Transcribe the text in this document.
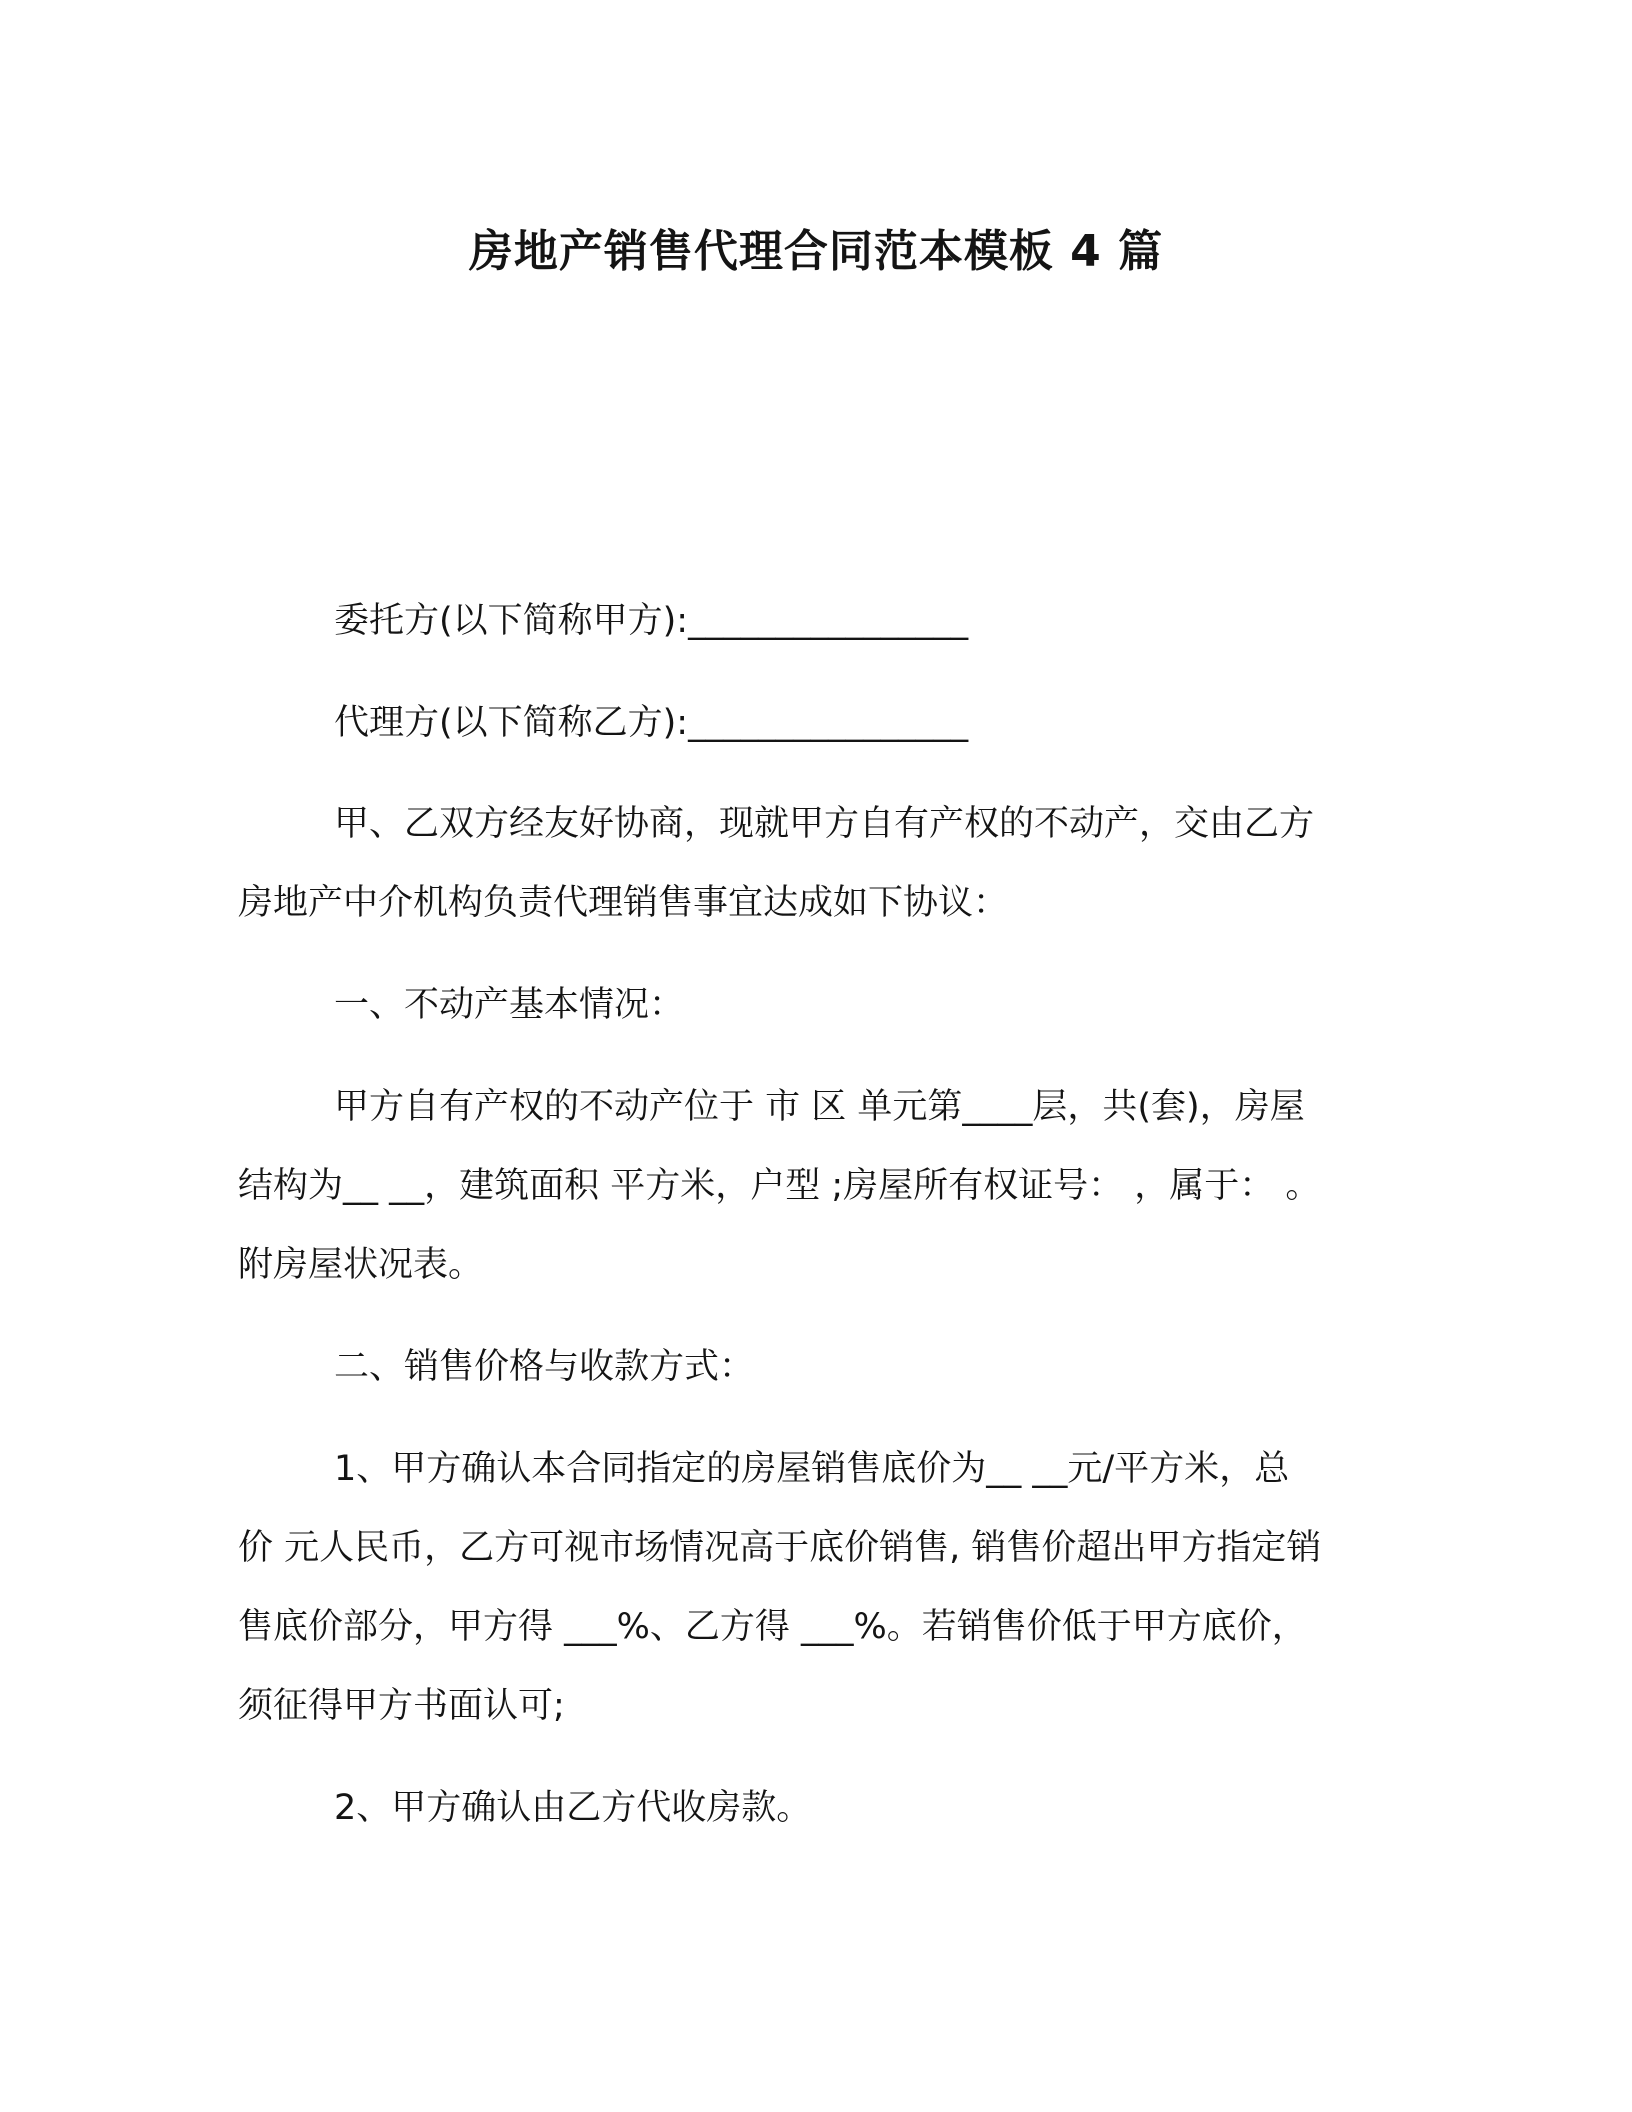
房地产销售代理合同范本模板 4 篇
委托方(以下简称甲方):________________
代理方(以下简称乙方):________________
甲、乙双方经友好协商，现就甲方自有产权的不动产，交由乙方
房地产中介机构负责代理销售事宜达成如下协议：
一、不动产基本情况：
甲方自有产权的不动产位于 市 区 单元第____层，共(套)，房屋
结构为__ __，建筑面积 平方米，户型 ;房屋所有权证号： ，属于： 。
附房屋状况表。
二、销售价格与收款方式：
1、甲方确认本合同指定的房屋销售底价为__ __元/平方米，总
价 元人民币，乙方可视市场情况高于底价销售, 销售价超出甲方指定销
售底价部分，甲方得 ___%、乙方得 ___%。若销售价低于甲方底价，
须征得甲方书面认可;
2、甲方确认由乙方代收房款。
